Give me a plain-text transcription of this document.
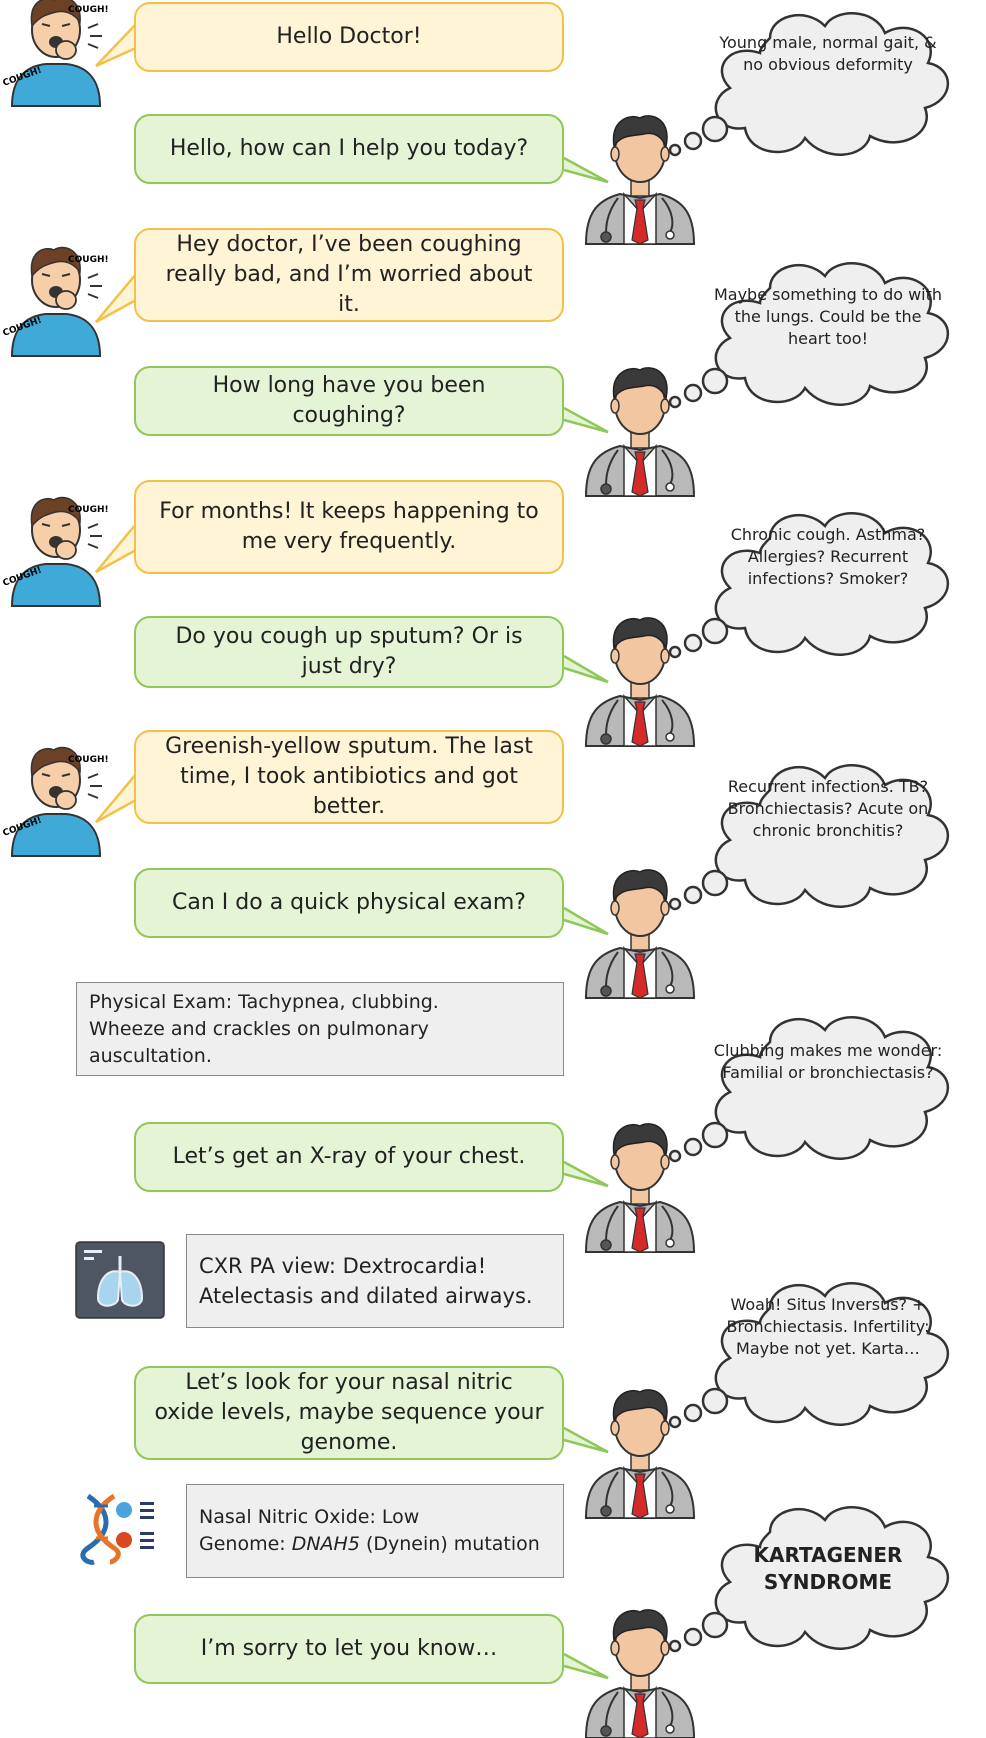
COUGH!
COUGH!
COUGH!
COUGH!
COUGH!
COUGH!
COUGH!
COUGH!
Hello Doctor!
Hello, how can I help you today?
Hey doctor, I’ve been coughing really bad, and I’m worried about it.
How long have you been coughing?
For months! It keeps happening to me very frequently.
Do you cough up sputum? Or is just dry?
Greenish-yellow sputum. The last time, I took antibiotics and got better.
Can I do a quick physical exam?
Let’s get an X-ray of your chest.
Let’s look for your nasal nitric oxide levels, maybe sequence your genome.
I’m sorry to let you know…
Young male, normal gait, & no obvious deformity
Maybe something to do with the lungs. Could be the heart too!
Chronic cough. Asthma? Allergies? Recurrent infections? Smoker?
Recurrent infections. TB? Bronchiectasis? Acute on chronic bronchitis?
Clubbing makes me wonder: Familial or bronchiectasis?
Woah! Situs Inversus? + Bronchiectasis. Infertility: Maybe not yet. Karta…
KARTAGENER SYNDROME
Physical Exam: Tachypnea, clubbing.
Wheeze and crackles on pulmonary auscultation.
CXR PA view: Dextrocardia!
Atelectasis and dilated airways.
Nasal Nitric Oxide: Low
Genome: DNAH5 (Dynein) mutation
